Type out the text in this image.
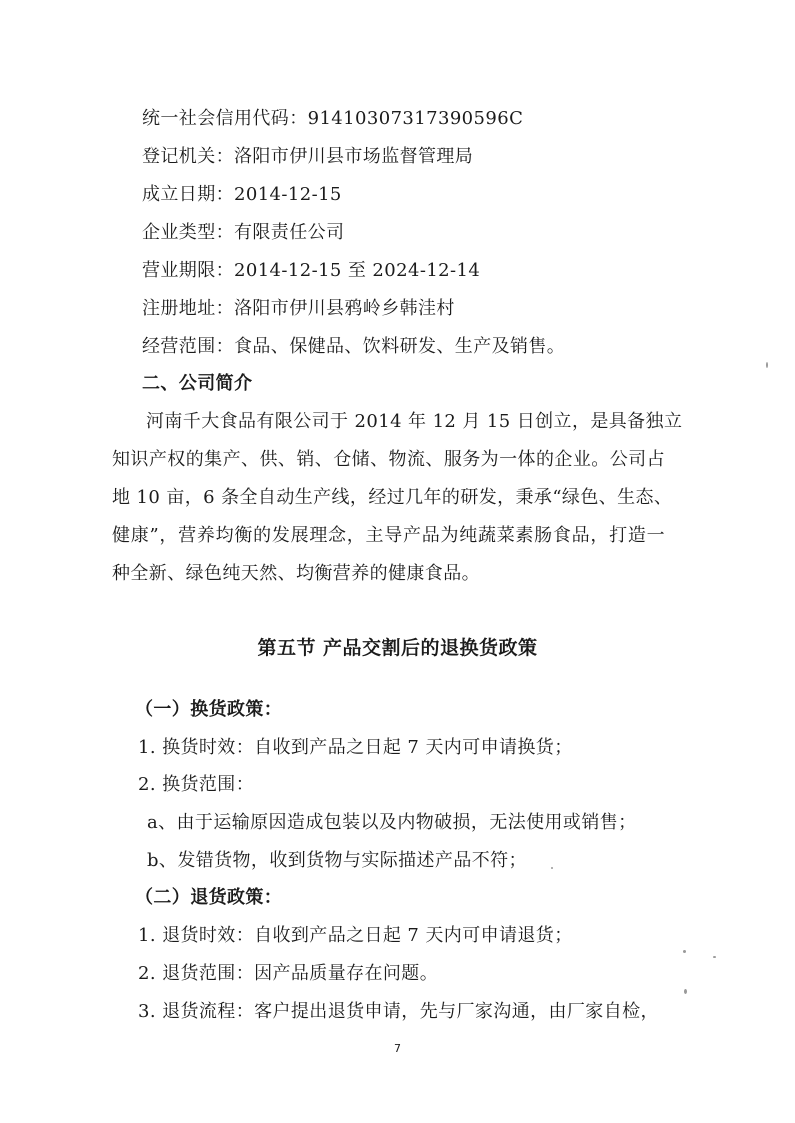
统一社会信用代码：91410307317390596C
登记机关：洛阳市伊川县市场监督管理局
成立日期：2014-12-15
企业类型：有限责任公司
营业期限：2014-12-15 至 2024-12-14
注册地址：洛阳市伊川县鸦岭乡韩洼村
经营范围：食品、保健品、饮料研发、生产及销售。
二、公司简介
河南千大食品有限公司于 2014 年 12 月 15 日创立，是具备独立
知识产权的集产、供、销、仓储、物流、服务为一体的企业。公司占
地 10 亩，6 条全自动生产线，经过几年的研发，秉承“绿色、生态、
健康”，营养均衡的发展理念，主导产品为纯蔬菜素肠食品，打造一
种全新、绿色纯天然、均衡营养的健康食品。
第五节 产品交割后的退换货政策
（一）换货政策：
1. 换货时效：自收到产品之日起 7 天内可申请换货；
2. 换货范围：
a、由于运输原因造成包装以及内物破损，无法使用或销售；
b、发错货物，收到货物与实际描述产品不符；
（二）退货政策：
1. 退货时效：自收到产品之日起 7 天内可申请退货；
2. 退货范围：因产品质量存在问题。
3. 退货流程：客户提出退货申请，先与厂家沟通，由厂家自检，
7
